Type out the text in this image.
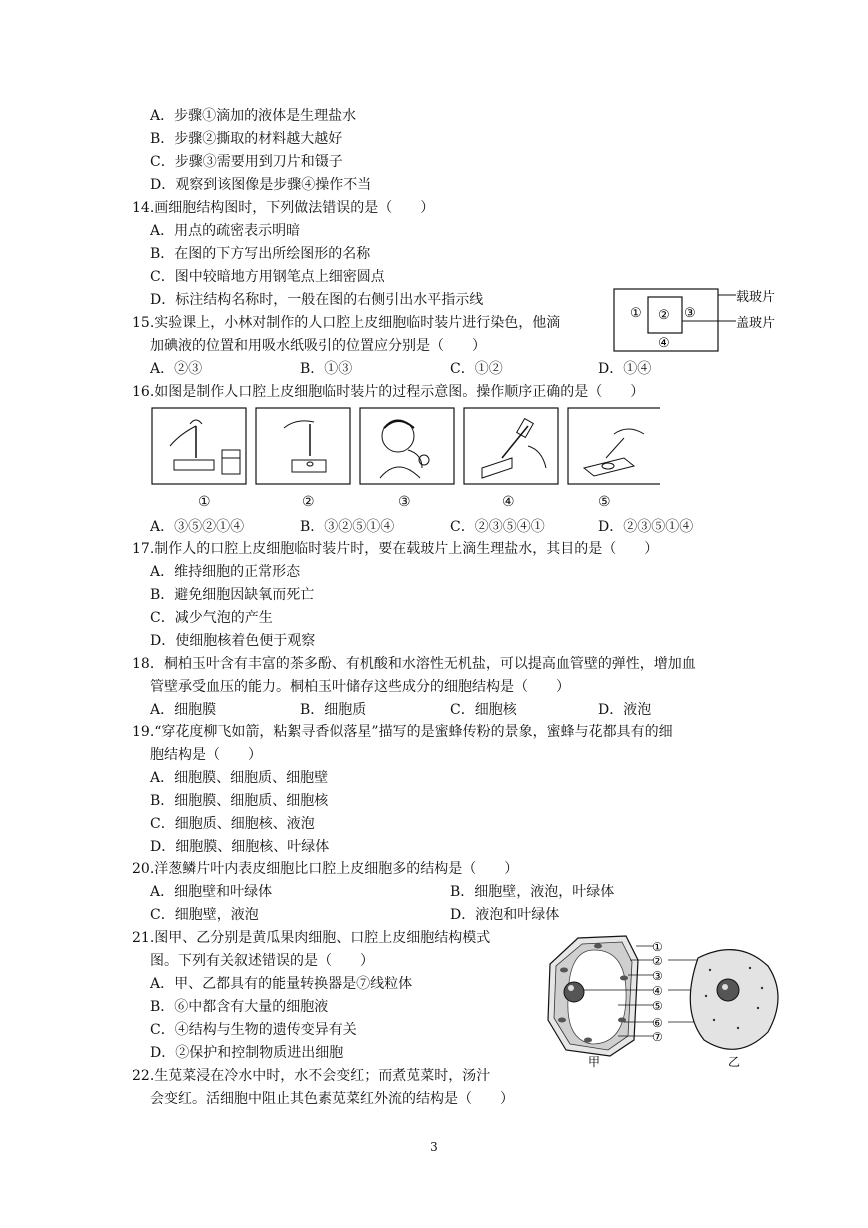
A．步骤①滴加的液体是生理盐水
B．步骤②撕取的材料越大越好
C．步骤③需要用到刀片和镊子
D．观察到该图像是步骤④操作不当
14.画细胞结构图时，下列做法错误的是（　　）
A．用点的疏密表示明暗
B．在图的下方写出所绘图形的名称
C．图中较暗地方用钢笔点上细密圆点
D．标注结构名称时，一般在图的右侧引出水平指示线
① ② ③
④
载玻片
盖玻片
15.实验课上，小林对制作的人口腔上皮细胞临时装片进行染色，他滴
加碘液的位置和用吸水纸吸引的位置应分别是（　　）
A．②③	B．①③	C．①②	D．①④
16.如图是制作人口腔上皮细胞临时装片的过程示意图。操作顺序正确的是（　　）
①	②	③	④	⑤
A．③⑤②①④	B．③②⑤①④	C．②③⑤④①	D．②③⑤①④
17.制作人的口腔上皮细胞临时装片时，要在载玻片上滴生理盐水，其目的是（　　）
A．维持细胞的正常形态
B．避免细胞因缺氧而死亡
C．减少气泡的产生
D．使细胞核着色便于观察
18．桐柏玉叶含有丰富的茶多酚、有机酸和水溶性无机盐，可以提高血管壁的弹性，增加血
管壁承受血压的能力。桐柏玉叶储存这些成分的细胞结构是（　　）
A．细胞膜	B．细胞质	C．细胞核	D．液泡
19.“穿花度柳飞如箭，粘絮寻香似落星”描写的是蜜蜂传粉的景象，蜜蜂与花都具有的细
胞结构是（　　）
A．细胞膜、细胞质、细胞壁
B．细胞膜、细胞质、细胞核
C．细胞质、细胞核、液泡
D．细胞膜、细胞核、叶绿体
20.洋葱鳞片叶内表皮细胞比口腔上皮细胞多的结构是（　　）
A．细胞壁和叶绿体	B．细胞壁，液泡，叶绿体
C．细胞壁，液泡	D．液泡和叶绿体
21.图甲、乙分别是黄瓜果肉细胞、口腔上皮细胞结构模式
图。下列有关叙述错误的是（　　）
A．甲、乙都具有的能量转换器是⑦线粒体
B．⑥中都含有大量的细胞液
C．④结构与生物的遗传变异有关
D．②保护和控制物质进出细胞
①
②
③
④
⑤
⑥
⑦
甲	乙
22.生苋菜浸在冷水中时，水不会变红；而煮苋菜时，汤汁
会变红。活细胞中阻止其色素苋菜红外流的结构是（　　）
3
